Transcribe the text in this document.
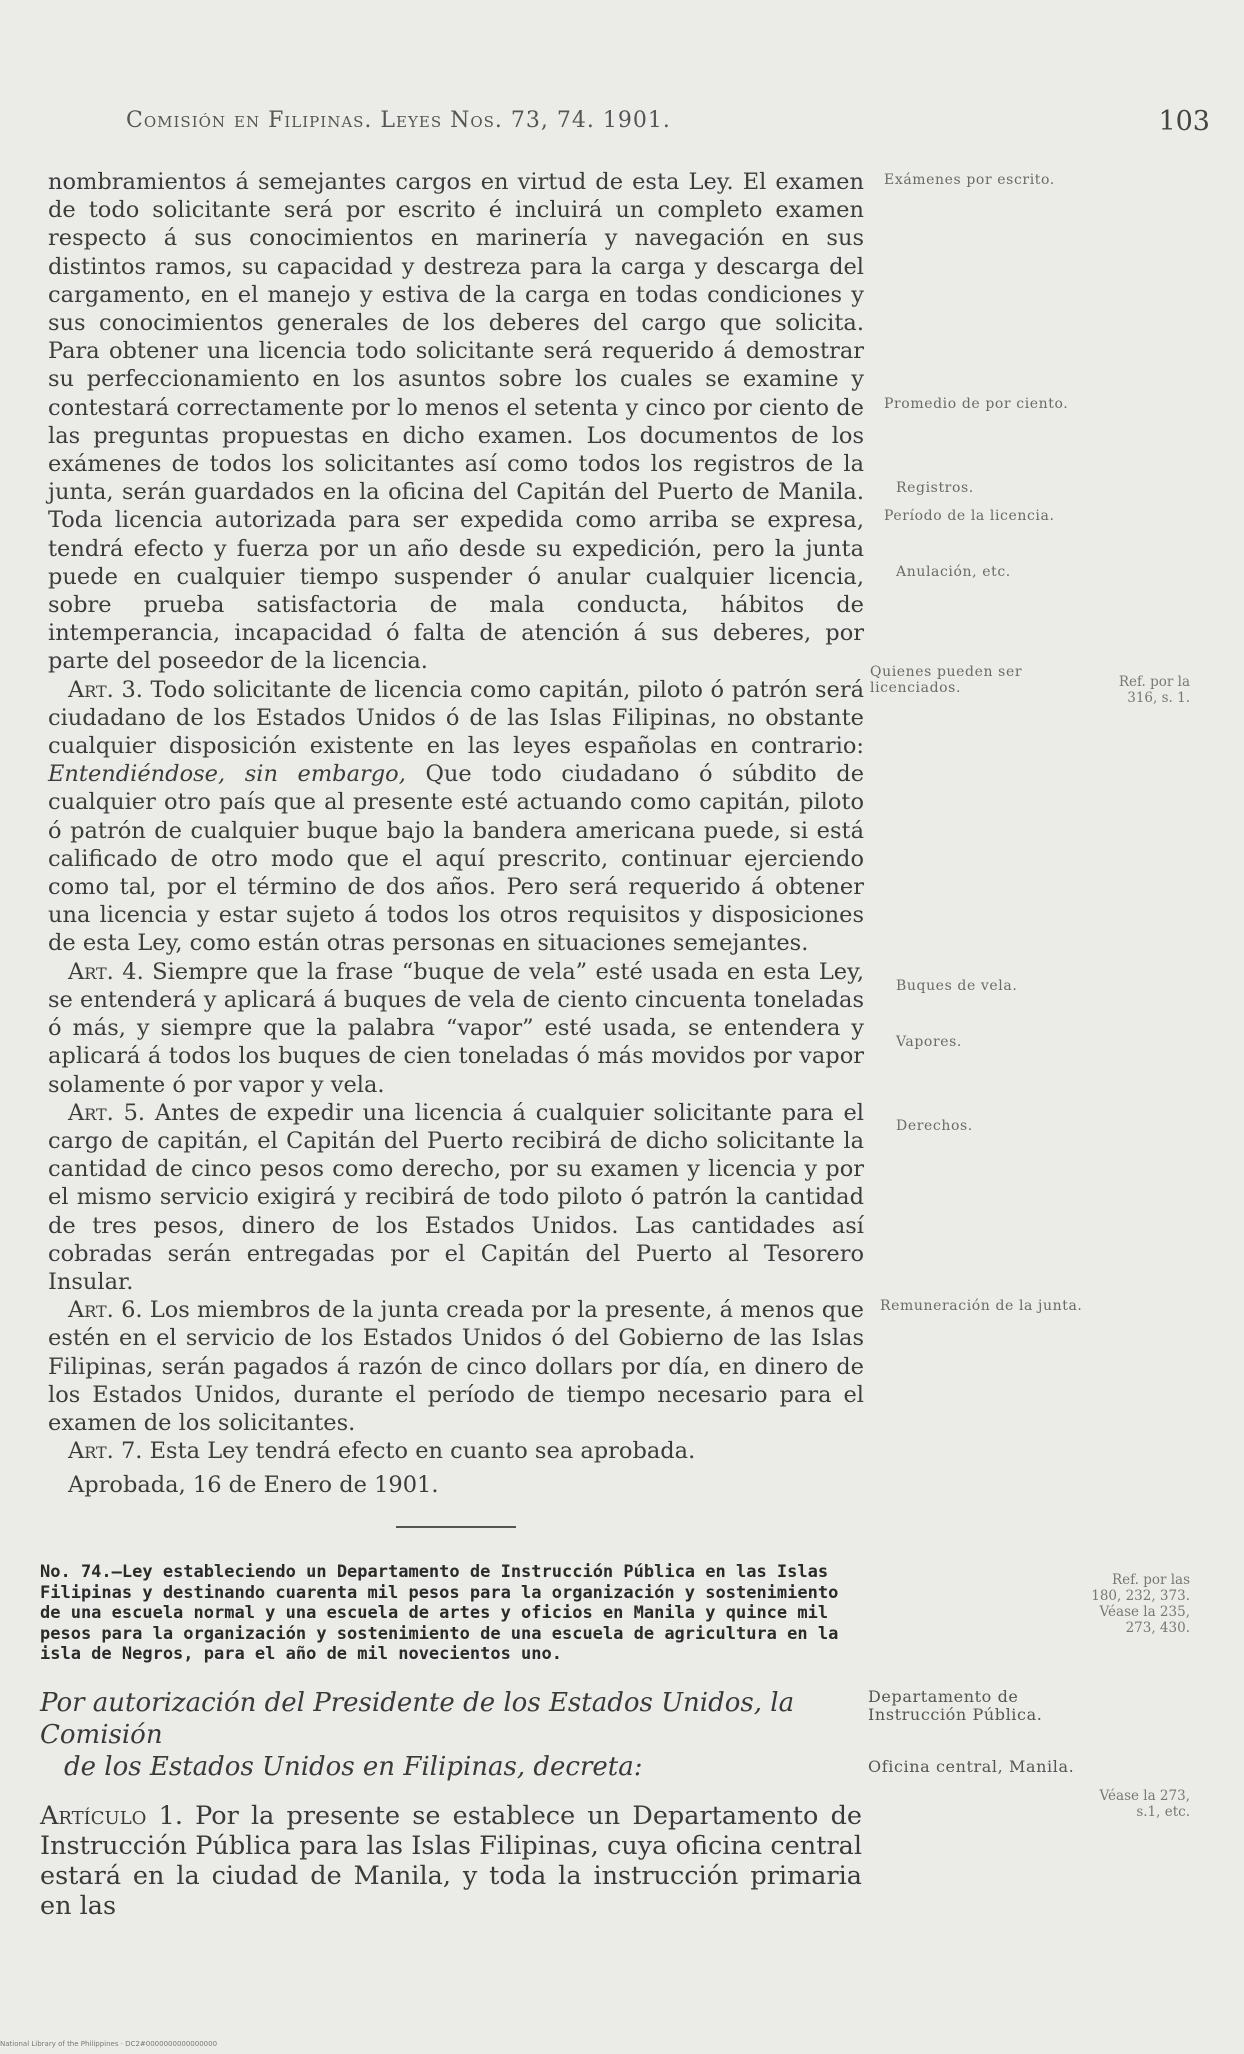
Comisión en Filipinas. Leyes Nos. 73, 74. 1901.	103

nombramientos á semejantes cargos en virtud de esta Ley. El examen de todo solicitante será por escrito é incluirá un completo examen respecto á sus conocimientos en marinería y navegación en sus distintos ramos, su capacidad y destreza para la carga y descarga del cargamento, en el manejo y estiva de la carga en todas condiciones y sus conocimientos generales de los deberes del cargo que solicita. Para obtener una licencia todo solicitante será requerido á demostrar su perfeccionamiento en los asuntos sobre los cuales se examine y contestará correctamente por lo menos el setenta y cinco por ciento de las preguntas propuestas en dicho examen. Los documentos de los exámenes de todos los solicitantes así como todos los registros de la junta, serán guardados en la oficina del Capitán del Puerto de Manila. Toda licencia autorizada para ser expedida como arriba se expresa, tendrá efecto y fuerza por un año desde su expedición, pero la junta puede en cualquier tiempo suspender ó anular cualquier licencia, sobre prueba satisfactoria de mala conducta, hábitos de intemperancia, incapacidad ó falta de atención á sus deberes, por parte del poseedor de la licencia.

Art. 3. Todo solicitante de licencia como capitán, piloto ó patrón será ciudadano de los Estados Unidos ó de las Islas Filipinas, no obstante cualquier disposición existente en las leyes españolas en contrario: Entendiéndose, sin embargo, Que todo ciudadano ó súbdito de cualquier otro país que al presente esté actuando como capitán, piloto ó patrón de cualquier buque bajo la bandera americana puede, si está calificado de otro modo que el aquí prescrito, continuar ejerciendo como tal, por el término de dos años. Pero será requerido á obtener una licencia y estar sujeto á todos los otros requisitos y disposiciones de esta Ley, como están otras personas en situaciones semejantes.

Art. 4. Siempre que la frase “buque de vela” esté usada en esta Ley, se entenderá y aplicará á buques de vela de ciento cincuenta toneladas ó más, y siempre que la palabra “vapor” esté usada, se entendera y aplicará á todos los buques de cien toneladas ó más movidos por vapor solamente ó por vapor y vela.

Art. 5. Antes de expedir una licencia á cualquier solicitante para el cargo de capitán, el Capitán del Puerto recibirá de dicho solicitante la cantidad de cinco pesos como derecho, por su examen y licencia y por el mismo servicio exigirá y recibirá de todo piloto ó patrón la cantidad de tres pesos, dinero de los Estados Unidos. Las cantidades así cobradas serán entregadas por el Capitán del Puerto al Tesorero Insular.

Art. 6. Los miembros de la junta creada por la presente, á menos que estén en el servicio de los Estados Unidos ó del Gobierno de las Islas Filipinas, serán pagados á razón de cinco dollars por día, en dinero de los Estados Unidos, durante el período de tiempo necesario para el examen de los solicitantes.

Art. 7. Esta Ley tendrá efecto en cuanto sea aprobada.

Aprobada, 16 de Enero de 1901.

No. 74.—Ley estableciendo un Departamento de Instrucción Pública en las Islas Filipinas y destinando cuarenta mil pesos para la organización y sostenimiento de una escuela normal y una escuela de artes y oficios en Manila y quince mil pesos para la organización y sostenimiento de una escuela de agricultura en la isla de Negros, para el año de mil novecientos uno.
Por autorización del Presidente de los Estados Unidos, la Comisión
de los Estados Unidos en Filipinas, decreta:
Artículo 1. Por la presente se establece un Departamento de Instrucción Pública para las Islas Filipinas, cuya oficina central estará en la ciudad de Manila, y toda la instrucción primaria en las
Exámenes por escrito.
Promedio de por ciento.
Registros.
Período de la licencia.
Anulación, etc.
Quienes pueden ser licenciados.
Buques de vela.
Vapores.
Derechos.
Remuneración de la junta.
Departamento de Instrucción Pública.
Oficina central, Manila.
Ref. por la 316, s. 1.
Ref. por las 180, 232, 373. Véase la 235, 273, 430.
Véase la 273, s.1, etc.
National Library of the Philippines · DC2#0000000000000000
